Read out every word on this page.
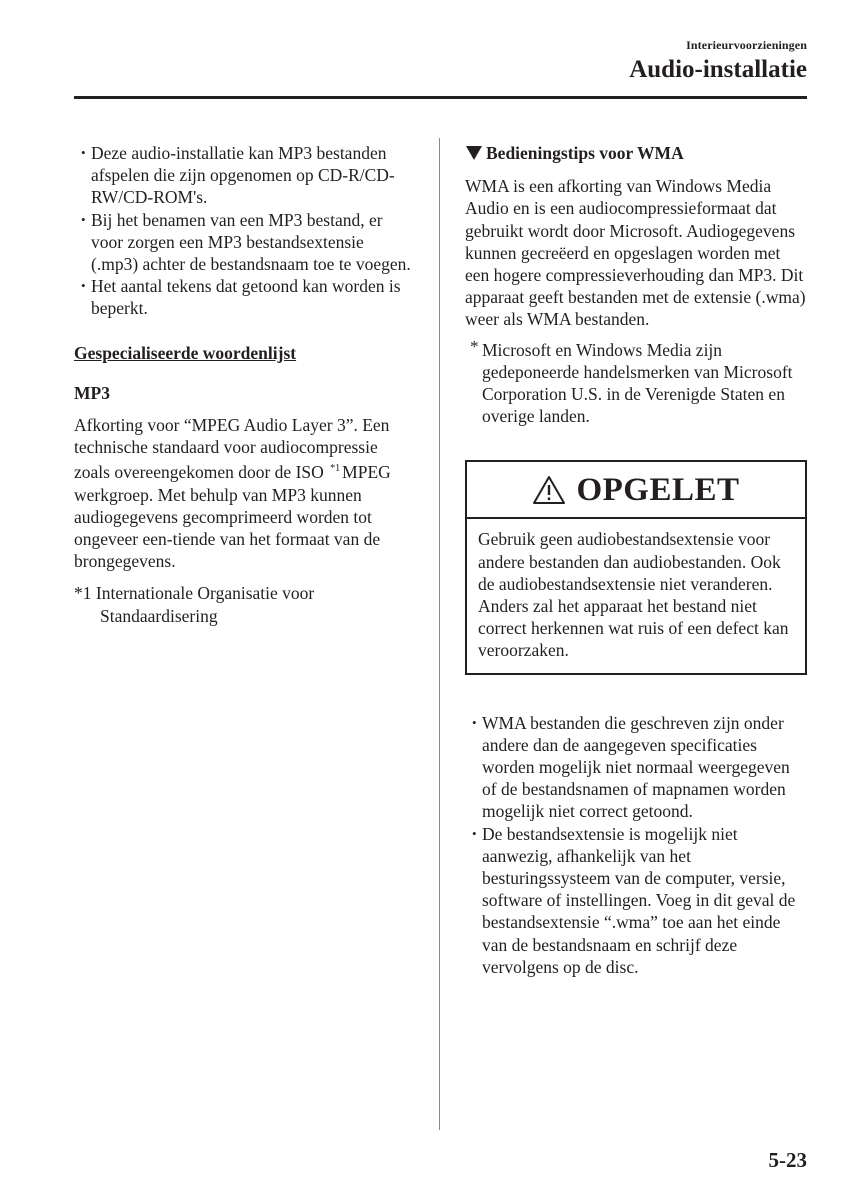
Interieurvoorzieningen
Audio-installatie
• Deze audio-installatie kan MP3 bestanden afspelen die zijn opgenomen op CD-R/CD-RW/CD-ROM's.
• Bij het benamen van een MP3 bestand, er voor zorgen een MP3 bestandsextensie (.mp3) achter de bestandsnaam toe te voegen.
• Het aantal tekens dat getoond kan worden is beperkt.
Gespecialiseerde woordenlijst
MP3
Afkorting voor “MPEG Audio Layer 3”. Een technische standaard voor audiocompressie zoals overeengekomen door de ISO $^{*1}$ MPEG werkgroep. Met behulp van MP3 kunnen audiogegevens gecomprimeerd worden tot ongeveer een-tiende van het formaat van de brongegevens.
*1 Internationale Organisatie voor Standaardisering
Bedieningstips voor WMA
WMA is een afkorting van Windows Media Audio en is een audiocompressieformaat dat gebruikt wordt door Microsoft. Audiogegevens kunnen gecreëerd en opgeslagen worden met een hogere compressieverhouding dan MP3. Dit apparaat geeft bestanden met de extensie (.wma) weer als WMA bestanden.
* Microsoft en Windows Media zijn gedeponeerde handelsmerken van Microsoft Corporation U.S. in de Verenigde Staten en overige landen.
OPGELET
Gebruik geen audiobestandsextensie voor andere bestanden dan audiobestanden. Ook de audiobestandsextensie niet veranderen. Anders zal het apparaat het bestand niet correct herkennen wat ruis of een defect kan veroorzaken.
• WMA bestanden die geschreven zijn onder andere dan de aangegeven specificaties worden mogelijk niet normaal weergegeven of de bestandsnamen of mapnamen worden mogelijk niet correct getoond.
• De bestandsextensie is mogelijk niet aanwezig, afhankelijk van het besturingssysteem van de computer, versie, software of instellingen. Voeg in dit geval de bestandsextensie “.wma” toe aan het einde van de bestandsnaam en schrijf deze vervolgens op de disc.
5-23
